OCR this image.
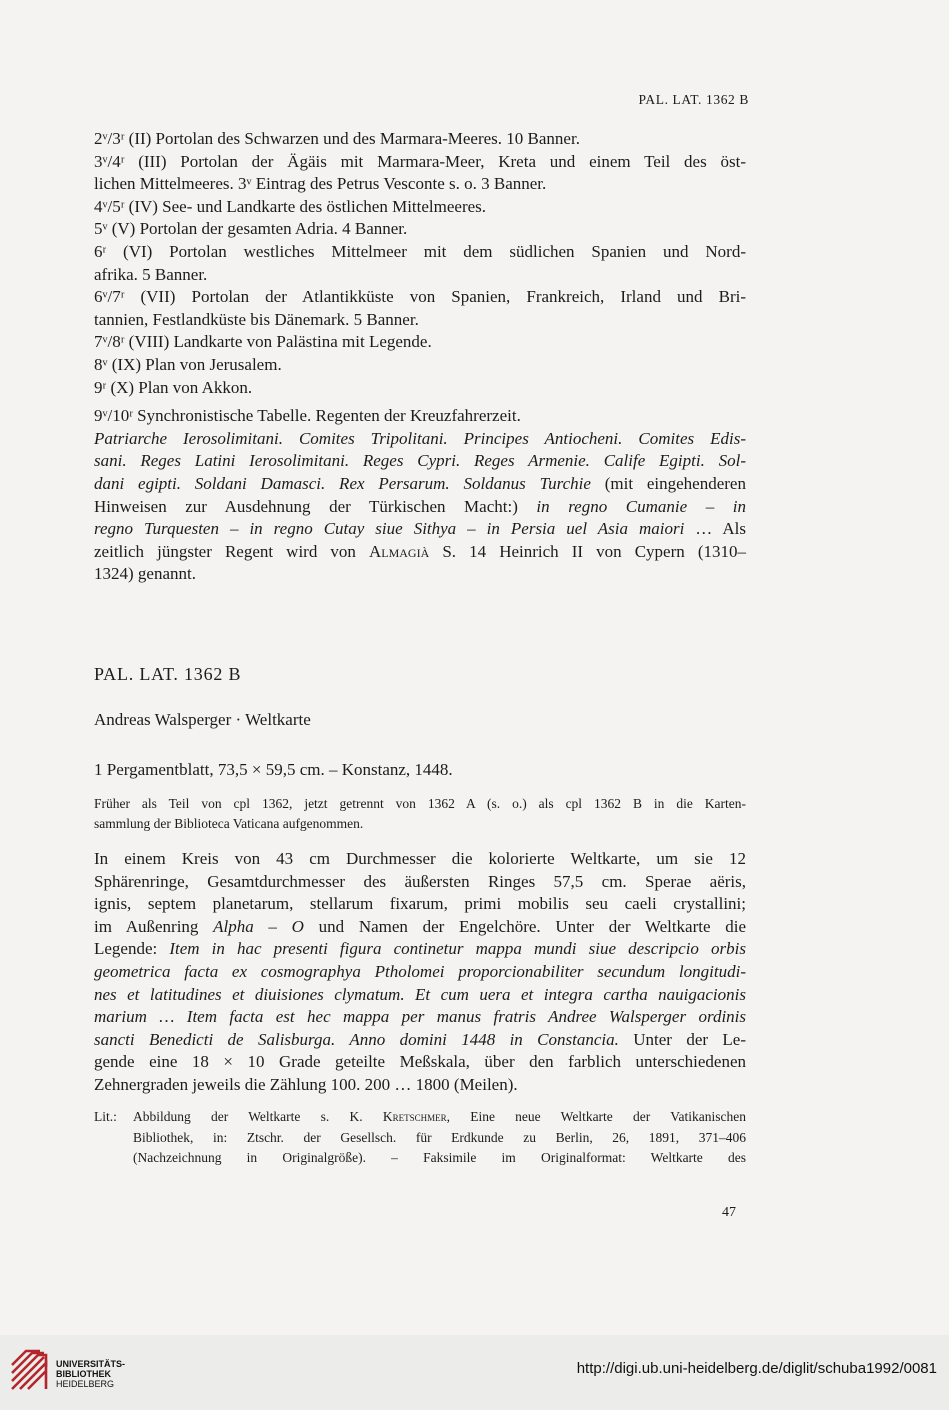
PAL. LAT. 1362 B

2ᵛ/3ʳ (II) Portolan des Schwarzen und des Marmara-Meeres. 10 Banner.

3ᵛ/4ʳ (III) Portolan der Ägäis mit Marmara-Meer, Kreta und einem Teil des öst-

lichen Mittelmeeres. 3ᵛ Eintrag des Petrus Vesconte s. o. 3 Banner.

4ᵛ/5ʳ (IV) See- und Landkarte des östlichen Mittelmeeres.

5ᵛ (V) Portolan der gesamten Adria. 4 Banner.

6ʳ (VI) Portolan westliches Mittelmeer mit dem südlichen Spanien und Nord-

afrika. 5 Banner.

6ᵛ/7ʳ (VII) Portolan der Atlantikküste von Spanien, Frankreich, Irland und Bri-

tannien, Festlandküste bis Dänemark. 5 Banner.

7ᵛ/8ʳ (VIII) Landkarte von Palästina mit Legende.

8ᵛ (IX) Plan von Jerusalem.

9ʳ (X) Plan von Akkon.

9ᵛ/10ʳ Synchronistische Tabelle. Regenten der Kreuzfahrerzeit.

Patriarche Ierosolimitani. Comites Tripolitani. Principes Antiocheni. Comites Edis-

sani. Reges Latini Ierosolimitani. Reges Cypri. Reges Armenie. Calife Egipti. Sol-

dani egipti. Soldani Damasci. Rex Persarum. Soldanus Turchie (mit eingehenderen

Hinweisen zur Ausdehnung der Türkischen Macht:) in regno Cumanie – in

regno Turquesten – in regno Cutay siue Sithya – in Persia uel Asia maiori … Als

zeitlich jüngster Regent wird von Almagià S. 14 Heinrich II von Cypern (1310–

1324) genannt.

PAL. LAT. 1362 B
Andreas Walsperger · Weltkarte
1 Pergamentblatt, 73,5 × 59,5 cm. – Konstanz, 1448.
Früher als Teil von cpl 1362, jetzt getrennt von 1362 A (s. o.) als cpl 1362 B in die Karten-
sammlung der Biblioteca Vaticana aufgenommen.

In einem Kreis von 43 cm Durchmesser die kolorierte Weltkarte, um sie 12

Sphärenringe, Gesamtdurchmesser des äußersten Ringes 57,5 cm. Sperae aëris,

ignis, septem planetarum, stellarum fixarum, primi mobilis seu caeli crystallini;

im Außenring Alpha – O und Namen der Engelchöre. Unter der Weltkarte die

Legende: Item in hac presenti figura continetur mappa mundi siue descripcio orbis

geometrica facta ex cosmographya Ptholomei proporcionabiliter secundum longitudi-

nes et latitudines et diuisiones clymatum. Et cum uera et integra cartha nauigacionis

marium … Item facta est hec mappa per manus fratris Andree Walsperger ordinis

sancti Benedicti de Salisburga. Anno domini 1448 in Constancia. Unter der Le-

gende eine 18 × 10 Grade geteilte Meßskala, über den farblich unterschiedenen

Zehnergraden jeweils die Zählung 100. 200 … 1800 (Meilen).

Lit.:	Abbildung der Weltkarte s. K. Kretschmer, Eine neue Weltkarte der Vatikanischen
Bibliothek, in: Ztschr. der Gesellsch. für Erdkunde zu Berlin, 26, 1891, 371–406
(Nachzeichnung in Originalgröße). – Faksimile im Originalformat: Weltkarte des
47
UNIVERSITÄTS-
BIBLIOTHEK
HEIDELBERG
http://digi.ub.uni-heidelberg.de/diglit/schuba1992/0081
